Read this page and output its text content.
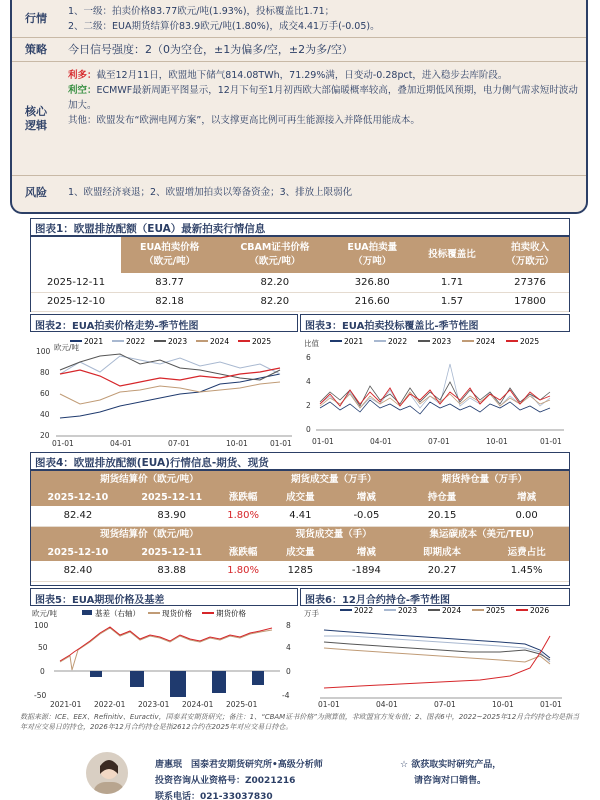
行情	1、一级：拍卖价格83.77欧元/吨(1.93%)，投标覆盖比1.71；

2、二级：EUA期货结算价83.9欧元/吨(1.80%)，成交4.41万手(-0.05)。

策略	今日信号强度：2（0为空仓，±1为偏多/空，±2为多/空）

核心逻辑

利多：截至12月11日，欧盟地下储气814.08TWh，71.29%满，日变动-0.28pct，进入稳步去库阶段。

利空：ECMWF最新周距平图显示，12月下旬至1月初西欧大部偏暖概率较高，叠加近期低风预期，电力侧气需求短时波动加大。

其他：欧盟发布“欧洲电网方案”，以支撑更高比例可再生能源接入并降低用能成本。

风险	1、欧盟经济衰退；2、欧盟增加拍卖以筹备资金；3、排放上限弱化

图表1：欧盟排放配额（EUA）最新拍卖行情信息
	EUA拍卖价格
（欧元/吨）	CBAM证书价格
（欧元/吨）	EUA拍卖量
（万吨）	投标覆盖比	拍卖收入
（万欧元）
2025-12-11	83.77	82.20	326.80	1.71	27376
2025-12-10	82.18	82.20	216.60	1.57	17800
图表2：EUA拍卖价格走势-季节性图	图表3：EUA拍卖投标覆盖比-季节性图
欧元/吨
2021	2022	2023	2024	2025
100
80
60
40
20
01-01	04-01	07-01	10-01	01-01
比值	2021	2022	2023	2024	2025
6
4
2
0
01-01	04-01	07-01	10-01	01-01
图表4：欧盟排放配额(EUA)行情信息-期货、现货
期货结算价（欧元/吨）			期货成交量（万手）		期货持仓量（万手）	
2025-12-10	2025-12-11	涨跌幅	成交量	增减	持仓量	增减
82.42	83.90	1.80%	4.41	-0.05	20.15	0.00
现货结算价（欧元/吨）			现货成交量（手）		集运碳成本（美元/TEU）	
2025-12-10	2025-12-11	涨跌幅	成交量	增减	即期成本	运费占比
82.40	83.88	1.80%	1285	-1894	20.27	1.45%
图表5：EUA期现价格及基差	图表6：12月合约持仓-季节性图
欧元/吨	基差（右轴）	现货价格	期货价格
100
50
0
-50
8
4
0
-4
2021-01 2022-01 2023-01 2024-01 2025-01
万手	2022	2023	2024	2025	2026
01-01	04-01	07-01	10-01	01-01
数据来源：ICE、EEX、Refinitiv、Euractiv，国泰君安期货研究；备注：1、“CBAM证书价格”为测算值，非欧盟官方发布值；2、图表6中，2022~2025年12月合约持仓均是指当年对应交易日的持仓，2026年12月合约持仓是指2612合约在2025年对应交易日持仓。
唐惠珉　国泰君安期货研究所•高级分析师
投资咨询从业资格号：Z0021216
联系电话：021-33037830
☆ 欲获取实时研究产品，
请咨询对口销售。
